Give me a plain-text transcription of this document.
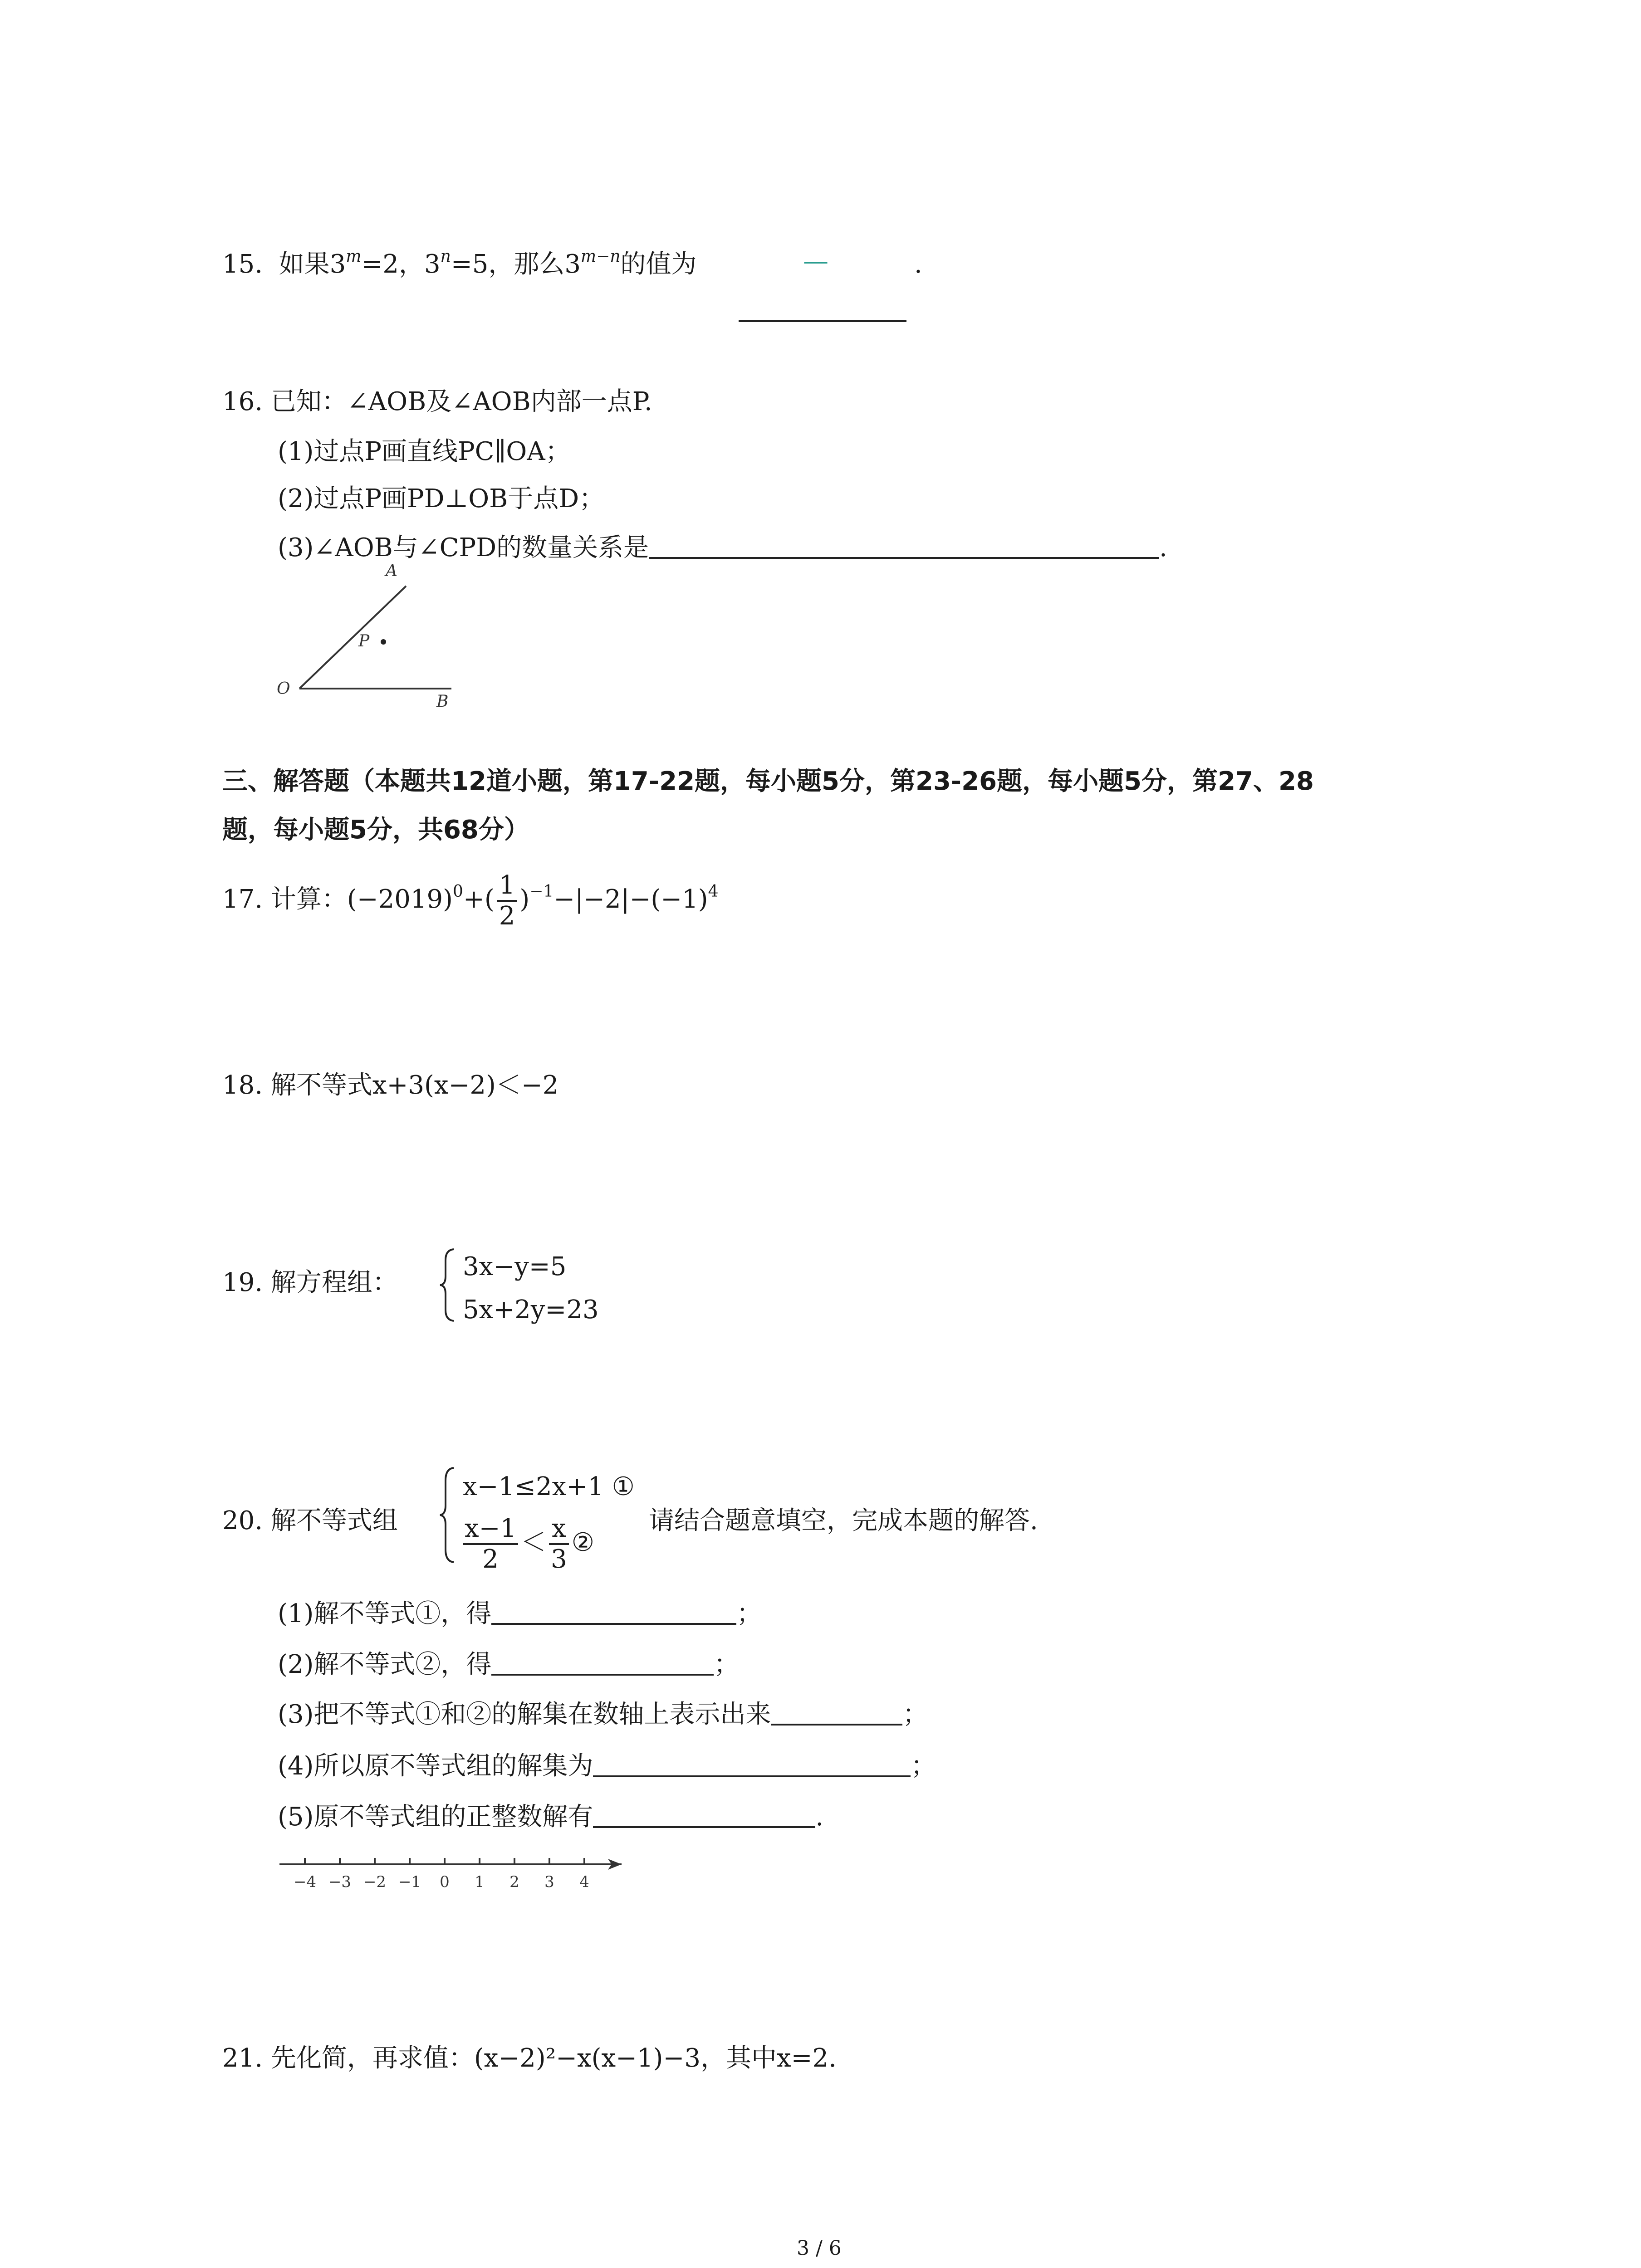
15. 如果$3^m=2$，$3^n=5$，那么$3^{m-n}$的值为	—	.
16. 已知：∠AOB及∠AOB内部一点P.
(1)过点P画直线PC∥OA；
(2)过点P画PD⊥OB于点D；
(3)∠AOB与∠CPD的数量关系是	.
A
P
O
B
三、解答题（本题共12道小题，第17-22题，每小题5分，第23-26题，每小题5分，第27、28
题，每小题5分，共68分）
17. 计算：$(-2019)^0+( \frac{1}{2} )^{-1}-|-2|-(-1)^4$
18. 解不等式x+3(x−2)＜−2
19. 解方程组：
3x−y=5
5x+2y=23
20. 解不等式组
x−1≤2x+1 ①
$\frac{x-1}{2} < \frac{x}{3}$ ②
请结合题意填空，完成本题的解答.
(1)解不等式①，得	；
(2)解不等式②，得	；
(3)把不等式①和②的解集在数轴上表示出来	；
(4)所以原不等式组的解集为	；
(5)原不等式组的正整数解有	.
−4 −3 −2 −1 0 1 2 3 4
21. 先化简，再求值：(x−2)²−x(x−1)−3，其中x=2.
3 / 6
